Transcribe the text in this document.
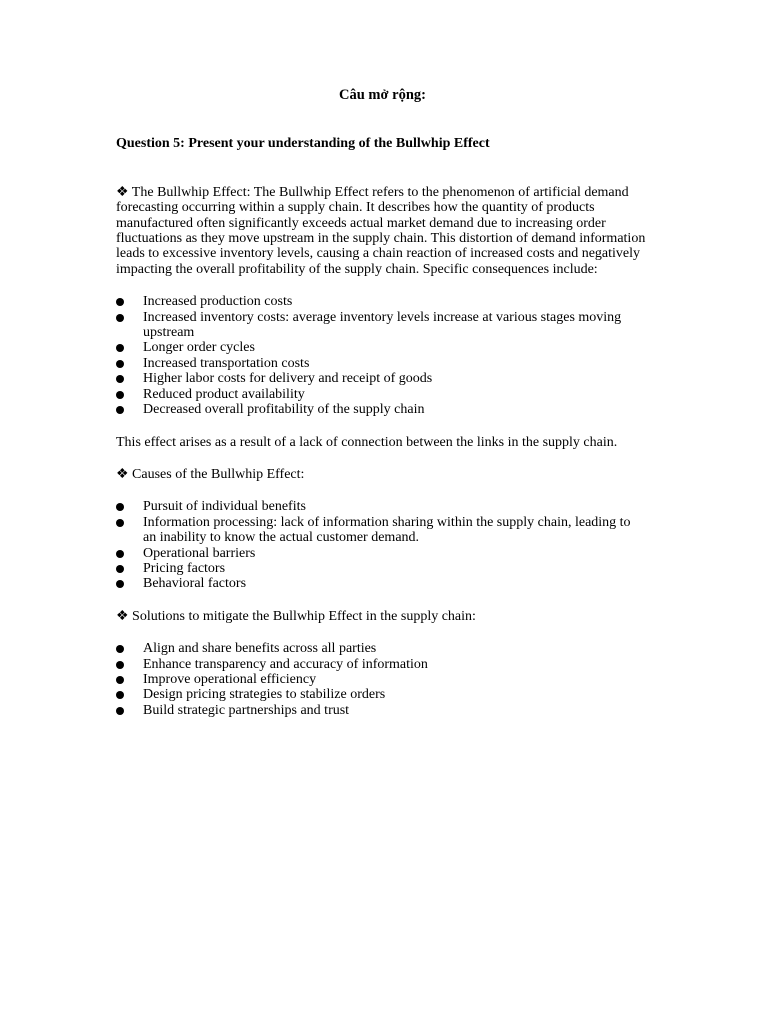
Câu mở rộng:
Question 5: Present your understanding of the Bullwhip Effect

❖ The Bullwhip Effect: The Bullwhip Effect refers to the phenomenon of artificial demand forecasting occurring within a supply chain. It describes how the quantity of products manufactured often significantly exceeds actual market demand due to increasing order fluctuations as they move upstream in the supply chain. This distortion of demand information leads to excessive inventory levels, causing a chain reaction of increased costs and negatively impacting the overall profitability of the supply chain. Specific consequences include:

Increased production costs
Increased inventory costs: average inventory levels increase at various stages moving upstream
Longer order cycles
Increased transportation costs
Higher labor costs for delivery and receipt of goods
Reduced product availability
Decreased overall profitability of the supply chain

This effect arises as a result of a lack of connection between the links in the supply chain.

❖ Causes of the Bullwhip Effect:

Pursuit of individual benefits
Information processing: lack of information sharing within the supply chain, leading to an inability to know the actual customer demand.
Operational barriers
Pricing factors
Behavioral factors

❖ Solutions to mitigate the Bullwhip Effect in the supply chain:

Align and share benefits across all parties
Enhance transparency and accuracy of information
Improve operational efficiency
Design pricing strategies to stabilize orders
Build strategic partnerships and trust
